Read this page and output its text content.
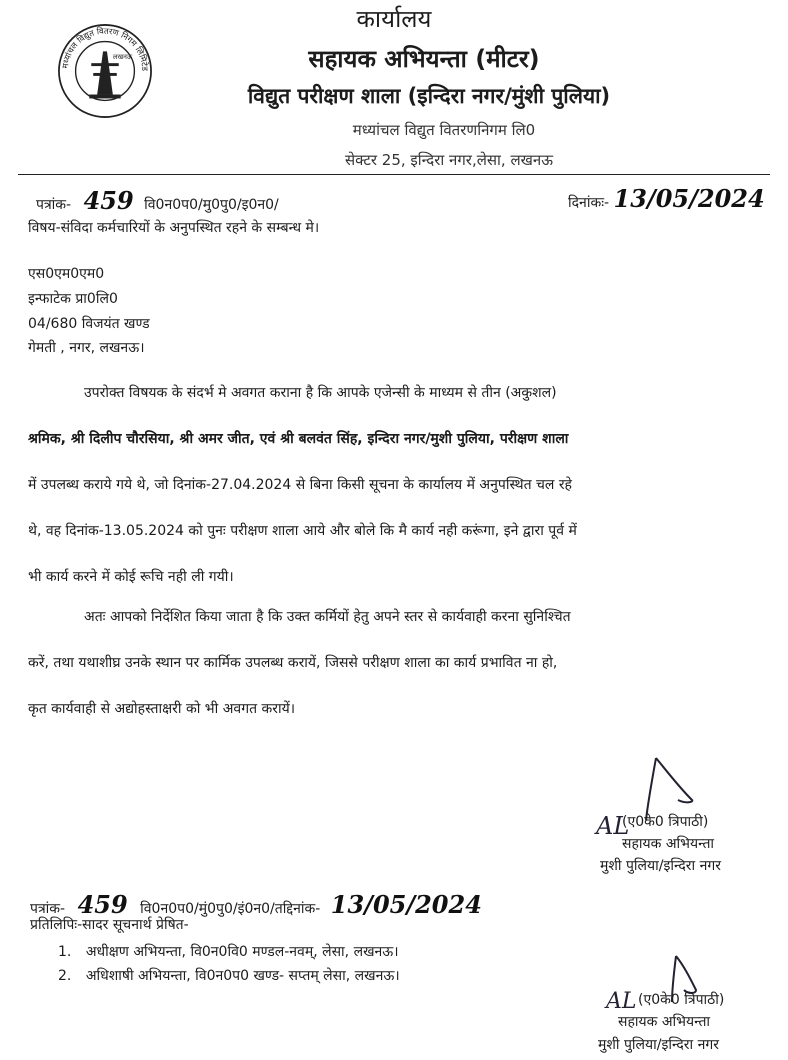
मध्यांचल विद्युत वितरण निगम लिमिटेड
लखनऊ
कार्यालय
सहायक अभियन्ता (मीटर)
विद्युत परीक्षण शाला (इन्दिरा नगर/मुंशी पुलिया)
मध्यांचल विद्युत वितरणनिगम लि0
सेक्टर 25, इन्दिरा नगर,लेसा, लखनऊ
पत्रांक- 459 वि0न0प0/मु0पु0/इ0न0/	दिनांकः- 13/05/2024
विषय-संविदा कर्मचारियों के अनुपस्थित रहने के सम्बन्ध मे।
एस0एम0एम0
इन्फाटेक प्रा0लि0
04/680 विजयंत खण्ड
गेमती , नगर, लखनऊ।
उपरोक्त विषयक के संदर्भ मे अवगत कराना है कि आपके एजेन्सी के माध्यम से तीन (अकुशल)
श्रमिक, श्री दिलीप चौरसिया, श्री अमर जीत, एवं श्री बलवंत सिंह, इन्दिरा नगर/मुशी पुलिया, परीक्षण शाला
में उपलब्ध कराये गये थे, जो दिनांक-27.04.2024 से बिना किसी सूचना के कार्यालय में अनुपस्थित चल रहे
थे, वह दिनांक-13.05.2024 को पुनः परीक्षण शाला आये और बोले कि मै कार्य नही करूंगा, इने द्वारा पूर्व में
भी कार्य करने में कोई रूचि नही ली गयी।
अतः आपको निर्देशित किया जाता है कि उक्त कर्मियों हेतु अपने स्तर से कार्यवाही करना सुनिश्चित
करें, तथा यथाशीघ्र उनके स्थान पर कार्मिक उपलब्ध करायें, जिससे परीक्षण शाला का कार्य प्रभावित ना हो,
कृत कार्यवाही से अद्योहस्ताक्षरी को भी अवगत करायें।
AL
(ए0के0 त्रिपाठी)
सहायक अभियन्ता
मुशी पुलिया/इन्दिरा नगर
पत्रांक- 459 वि0न0प0/मुं0पु0/इं0न0/तद्दिनांक- 13/05/2024
प्रतिलिपिः-सादर सूचनार्थ प्रेषित-
1. अधीक्षण अभियन्ता, वि0न0वि0 मण्डल-नवम्, लेसा, लखनऊ।
2. अधिशाषी अभियन्ता, वि0न0प0 खण्ड- सप्तम् लेसा, लखनऊ।
AL (ए0के0 त्रिपाठी)
सहायक अभियन्ता
मुशी पुलिया/इन्दिरा नगर
